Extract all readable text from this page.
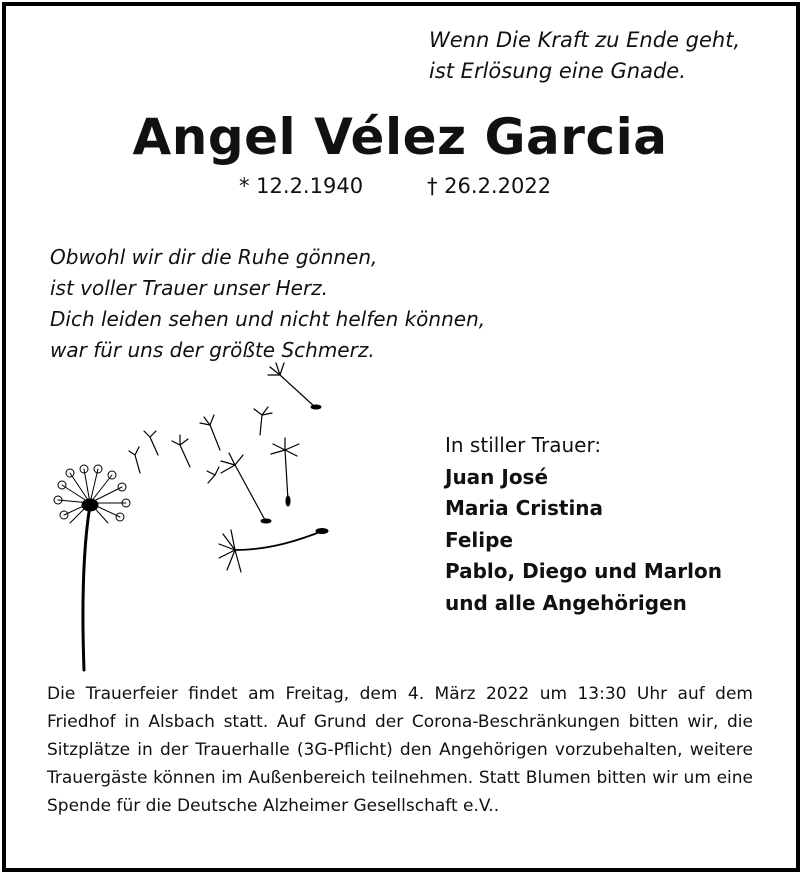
Wenn Die Kraft zu Ende geht,
ist Erlösung eine Gnade.
Angel Vélez Garcia
* 12.2.1940	† 26.2.2022
Obwohl wir dir die Ruhe gönnen,
ist voller Trauer unser Herz.
Dich leiden sehen und nicht helfen können,
war für uns der größte Schmerz.
In stiller Trauer:
Juan José
Maria Cristina
Felipe
Pablo, Diego und Marlon
und alle Angehörigen
Die Trauerfeier findet am Freitag, dem 4. März 2022 um 13:30 Uhr auf dem Friedhof in Alsbach statt. Auf Grund der Corona-Beschränkungen bitten wir, die Sitzplätze in der Trauerhalle (3G-Pflicht) den Angehörigen vorzubehalten, weitere Trauergäste können im Außenbereich teilnehmen. Statt Blumen bitten wir um eine Spende für die Deutsche Alzheimer Gesellschaft e.V..
